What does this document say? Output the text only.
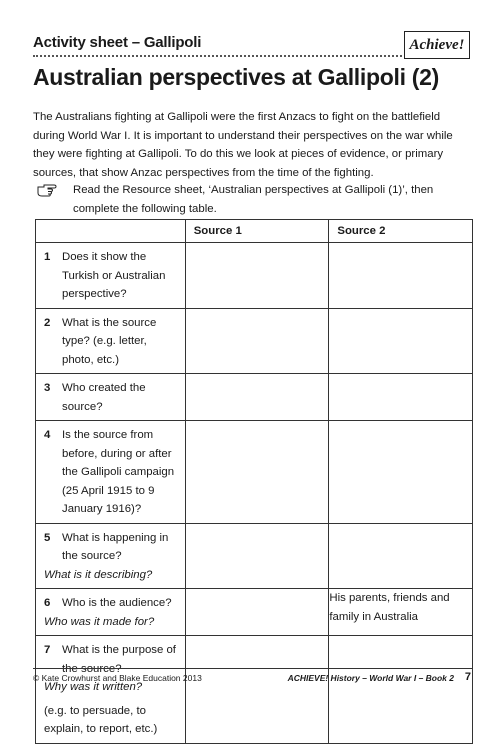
Activity sheet – Gallipoli	Achieve!
Australian perspectives at Gallipoli (2)
The Australians fighting at Gallipoli were the first Anzacs to fight on the battlefield during World War I. It is important to understand their perspectives on the war while they were fighting at Gallipoli. To do this we look at pieces of evidence, or primary sources, that show Anzac perspectives from the time of the fighting.
Read the Resource sheet, ‘Australian perspectives at Gallipoli (1)’, then complete the following table.
	Source 1	Source 2

1 Does it show the Turkish or Australian perspective?		

2 What is the source type? (e.g. letter, photo, etc.)		

3 Who created the source?		

4 Is the source from before, during or after the Gallipoli campaign (25 April 1915 to 9 January 1916)?		

5 What is happening in the source?
What is it describing?		

6 Who is the audience?
Who was it made for?		His parents, friends and family in Australia

7 What is the purpose of the source?
Why was it written?
(e.g. to persuade, to explain, to report, etc.)		

© Kate Crowhurst and Blake Education 2013	ACHIEVE! History – World War I – Book 2 7
